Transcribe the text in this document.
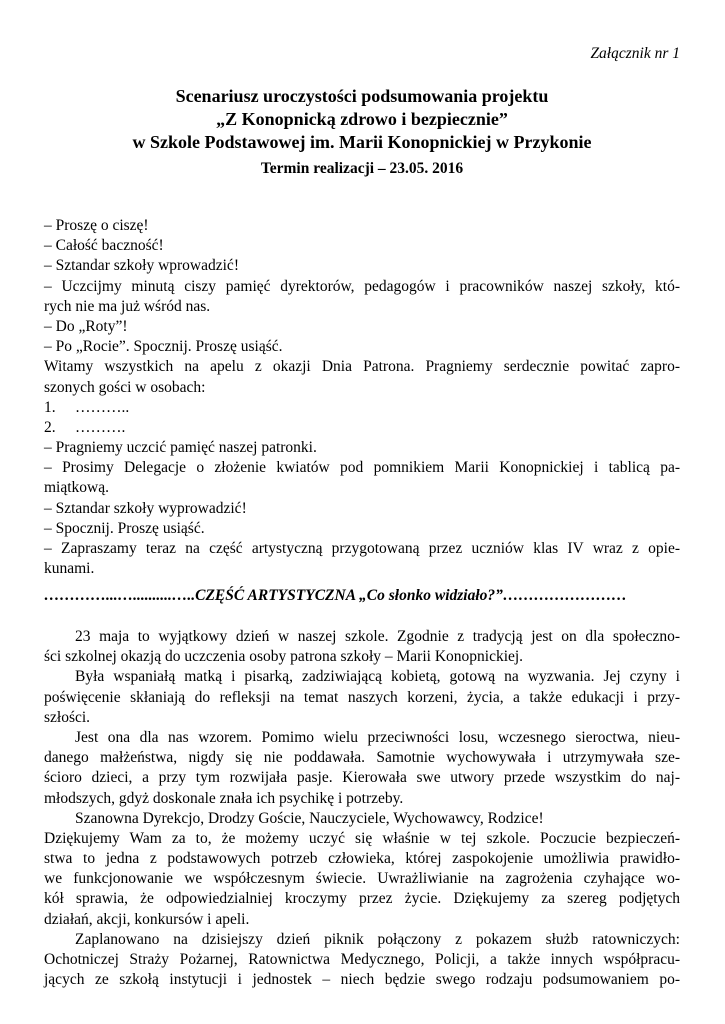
Załącznik nr 1
Scenariusz uroczystości podsumowania projektu
„Z Konopnicką zdrowo i bezpiecznie”
w Szkole Podstawowej im. Marii Konopnickiej w Przykonie
Termin realizacji – 23.05. 2016
– Proszę o ciszę!
– Całość baczność!
– Sztandar szkoły wprowadzić!
– Uczcijmy minutą ciszy pamięć dyrektorów, pedagogów i pracowników naszej szkoły, któ-
rych nie ma już wśród nas.
– Do „Roty”!
– Po „Rocie”. Spocznij. Proszę usiąść.
Witamy wszystkich na apelu z okazji Dnia Patrona. Pragniemy serdecznie powitać zapro-
szonych gości w osobach:
1. ………..
2. ……….
– Pragniemy uczcić pamięć naszej patronki.
– Prosimy Delegacje o złożenie kwiatów pod pomnikiem Marii Konopnickiej i tablicą pa-
miątkową.
– Sztandar szkoły wyprowadzić!
– Spocznij. Proszę usiąść.
– Zapraszamy teraz na część artystyczną przygotowaną przez uczniów klas IV wraz z opie-
kunami.
…………...…..........…..CZĘŚĆ ARTYSTYCZNA „Co słonko widziało?”……………………
23 maja to wyjątkowy dzień w naszej szkole. Zgodnie z tradycją jest on dla społeczno-
ści szkolnej okazją do uczczenia osoby patrona szkoły – Marii Konopnickiej.
Była wspaniałą matką i pisarką, zadziwiającą kobietą, gotową na wyzwania. Jej czyny i
poświęcenie skłaniają do refleksji na temat naszych korzeni, życia, a także edukacji i przy-
szłości.
Jest ona dla nas wzorem. Pomimo wielu przeciwności losu, wczesnego sieroctwa, nieu-
danego małżeństwa, nigdy się nie poddawała. Samotnie wychowywała i utrzymywała sze-
ścioro dzieci, a przy tym rozwijała pasje. Kierowała swe utwory przede wszystkim do naj-
młodszych, gdyż doskonale znała ich psychikę i potrzeby.
Szanowna Dyrekcjo, Drodzy Goście, Nauczyciele, Wychowawcy, Rodzice!
Dziękujemy Wam za to, że możemy uczyć się właśnie w tej szkole. Poczucie bezpieczeń-
stwa to jedna z podstawowych potrzeb człowieka, której zaspokojenie umożliwia prawidło-
we funkcjonowanie we współczesnym świecie. Uwrażliwianie na zagrożenia czyhające wo-
kół sprawia, że odpowiedzialniej kroczymy przez życie. Dziękujemy za szereg podjętych
działań, akcji, konkursów i apeli.
Zaplanowano na dzisiejszy dzień piknik połączony z pokazem służb ratowniczych:
Ochotniczej Straży Pożarnej, Ratownictwa Medycznego, Policji, a także innych współpracu-
jących ze szkołą instytucji i jednostek – niech będzie swego rodzaju podsumowaniem po-
